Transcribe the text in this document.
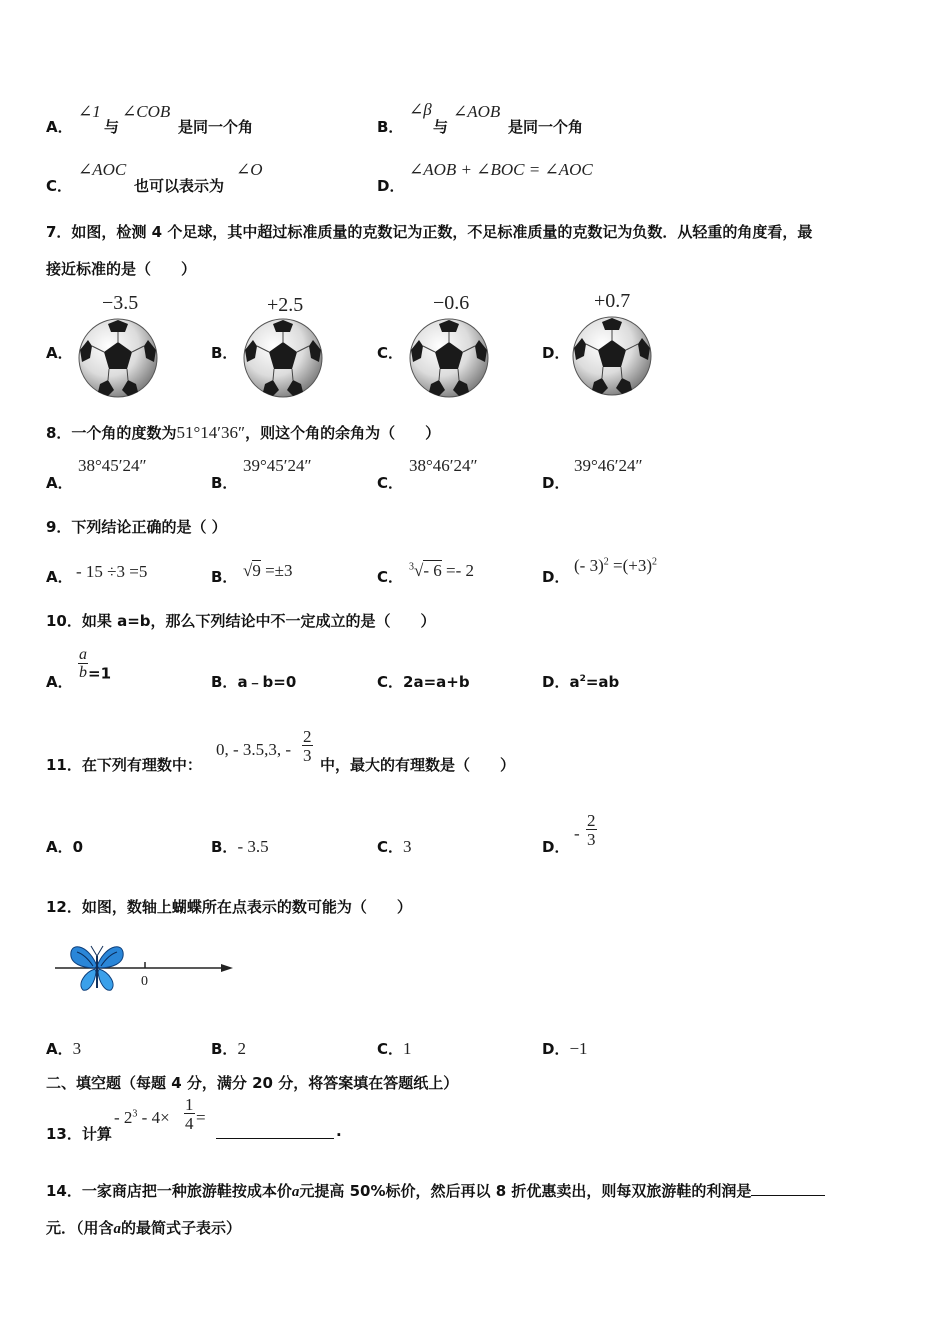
A．
∠1
与
∠COB
是同一个角	B．
∠β
与
∠AOB
是同一个角
C．
∠AOC
也可以表示为
∠O
D．
∠AOB + ∠BOC = ∠AOC
7．如图，检测 4 个足球，其中超过标准质量的克数记为正数，不足标准质量的克数记为负数．从轻重的角度看，最
接近标准的是（　　）
A．
−3.5
B．
+2.5
C．
−0.6
D．
+0.7
8．一个角的度数为51°14′36″，则这个角的余角为（　　）
A．
38°45′24″
B．
39°45′24″
C．
38°46′24″
D．
39°46′24″
9．下列结论正确的是（ ）
A． - 15 ÷3 =5	B． √9 =±3	C．
$^3$√- 6 =- 2	D．
(- $3)^2 =(+3)^2$
10．如果 a=b，那么下列结论中不一定成立的是（　　）
A．
$\frac{a}{b} =1$	B．a﹣b=0	C．2a=a+b	D．$a^2=ab$
11．在下列有理数中：
0, - 3.5,3, - $\frac{2}{3}$
中，最大的有理数是（　　）
A．0	B．- 3.5	C．3	D．
- $\frac{2}{3}$
12．如图，数轴上蝴蝶所在点表示的数可能为（　　）
0
A．3	B．2	C．1	D．−1
二、填空题（每题 4 分，满分 20 分，将答案填在答题纸上）
13．计算
- $2^3 - 4\times \frac{1}{4}$ =
.
14．一家商店把一种旅游鞋按成本价a元提高 50%标价，然后再以 8 折优惠卖出，则每双旅游鞋的利润是
元．（用含a的最简式子表示）
